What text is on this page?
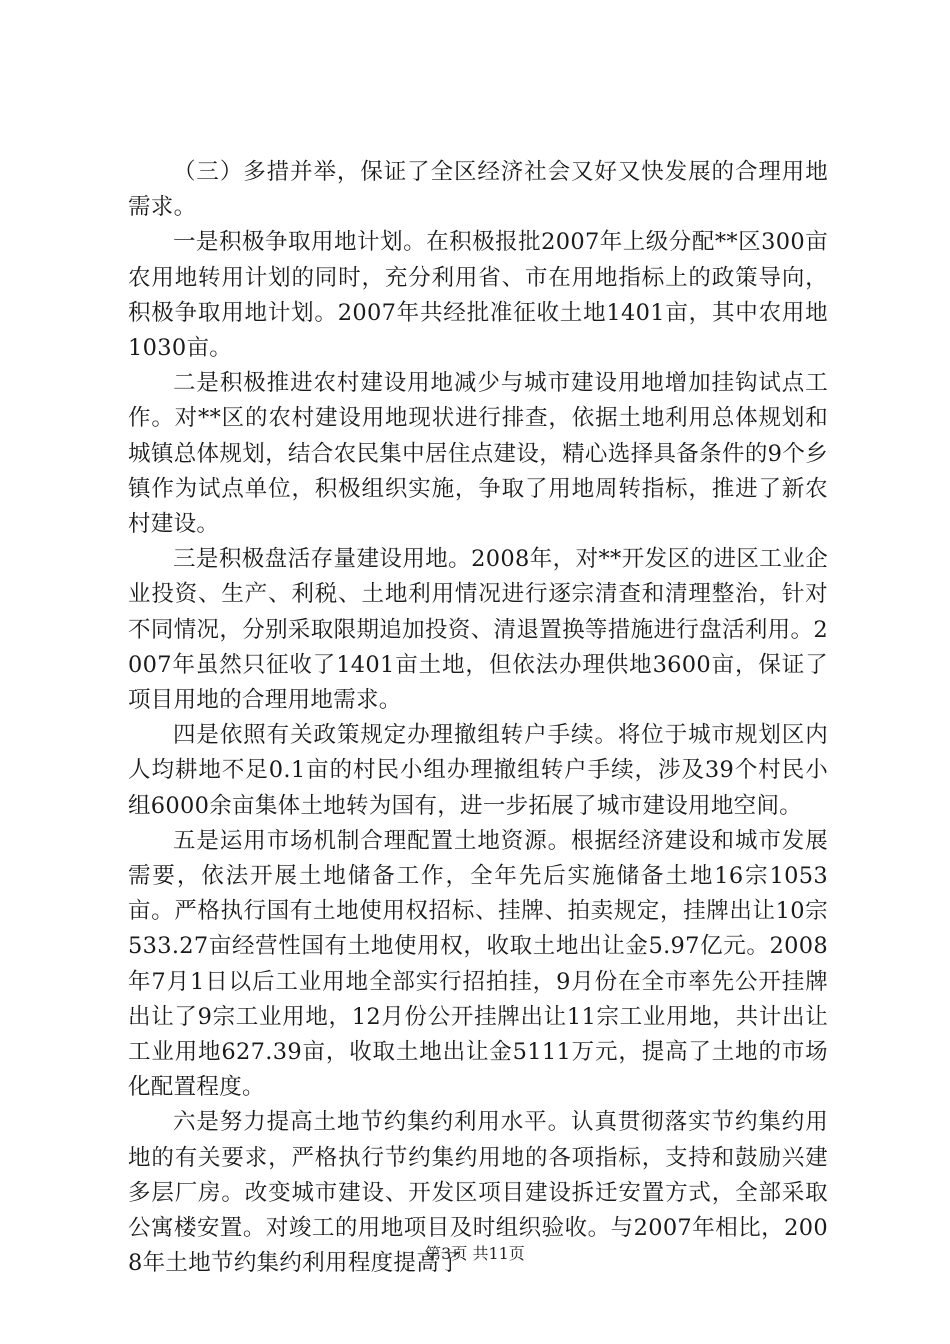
（三）多措并举，保证了全区经济社会又好又快发展的合理用地需求。

一是积极争取用地计划。在积极报批2007年上级分配**区300亩农用地转用计划的同时，充分利用省、市在用地指标上的政策导向，积极争取用地计划。2007年共经批准征收土地1401亩，其中农用地1030亩。

二是积极推进农村建设用地减少与城市建设用地增加挂钩试点工作。对**区的农村建设用地现状进行排查，依据土地利用总体规划和城镇总体规划，结合农民集中居住点建设，精心选择具备条件的9个乡镇作为试点单位，积极组织实施，争取了用地周转指标，推进了新农村建设。

三是积极盘活存量建设用地。2008年，对**开发区的进区工业企业投资、生产、利税、土地利用情况进行逐宗清查和清理整治，针对不同情况，分别采取限期追加投资、清退置换等措施进行盘活利用。2007年虽然只征收了1401亩土地，但依法办理供地3600亩，保证了项目用地的合理用地需求。

四是依照有关政策规定办理撤组转户手续。将位于城市规划区内人均耕地不足0.1亩的村民小组办理撤组转户手续，涉及39个村民小组6000余亩集体土地转为国有，进一步拓展了城市建设用地空间。

五是运用市场机制合理配置土地资源。根据经济建设和城市发展需要，依法开展土地储备工作，全年先后实施储备土地16宗1053亩。严格执行国有土地使用权招标、挂牌、拍卖规定，挂牌出让10宗533.27亩经营性国有土地使用权，收取土地出让金5.97亿元。2008年7月1日以后工业用地全部实行招拍挂，9月份在全市率先公开挂牌出让了9宗工业用地，12月份公开挂牌出让11宗工业用地，共计出让工业用地627.39亩，收取土地出让金5111万元，提高了土地的市场化配置程度。

六是努力提高土地节约集约利用水平。认真贯彻落实节约集约用地的有关要求，严格执行节约集约用地的各项指标，支持和鼓励兴建多层厂房。改变城市建设、开发区项目建设拆迁安置方式，全部采取公寓楼安置。对竣工的用地项目及时组织验收。与2007年相比，2008年土地节约集约利用程度提高了

第3页 共11页
